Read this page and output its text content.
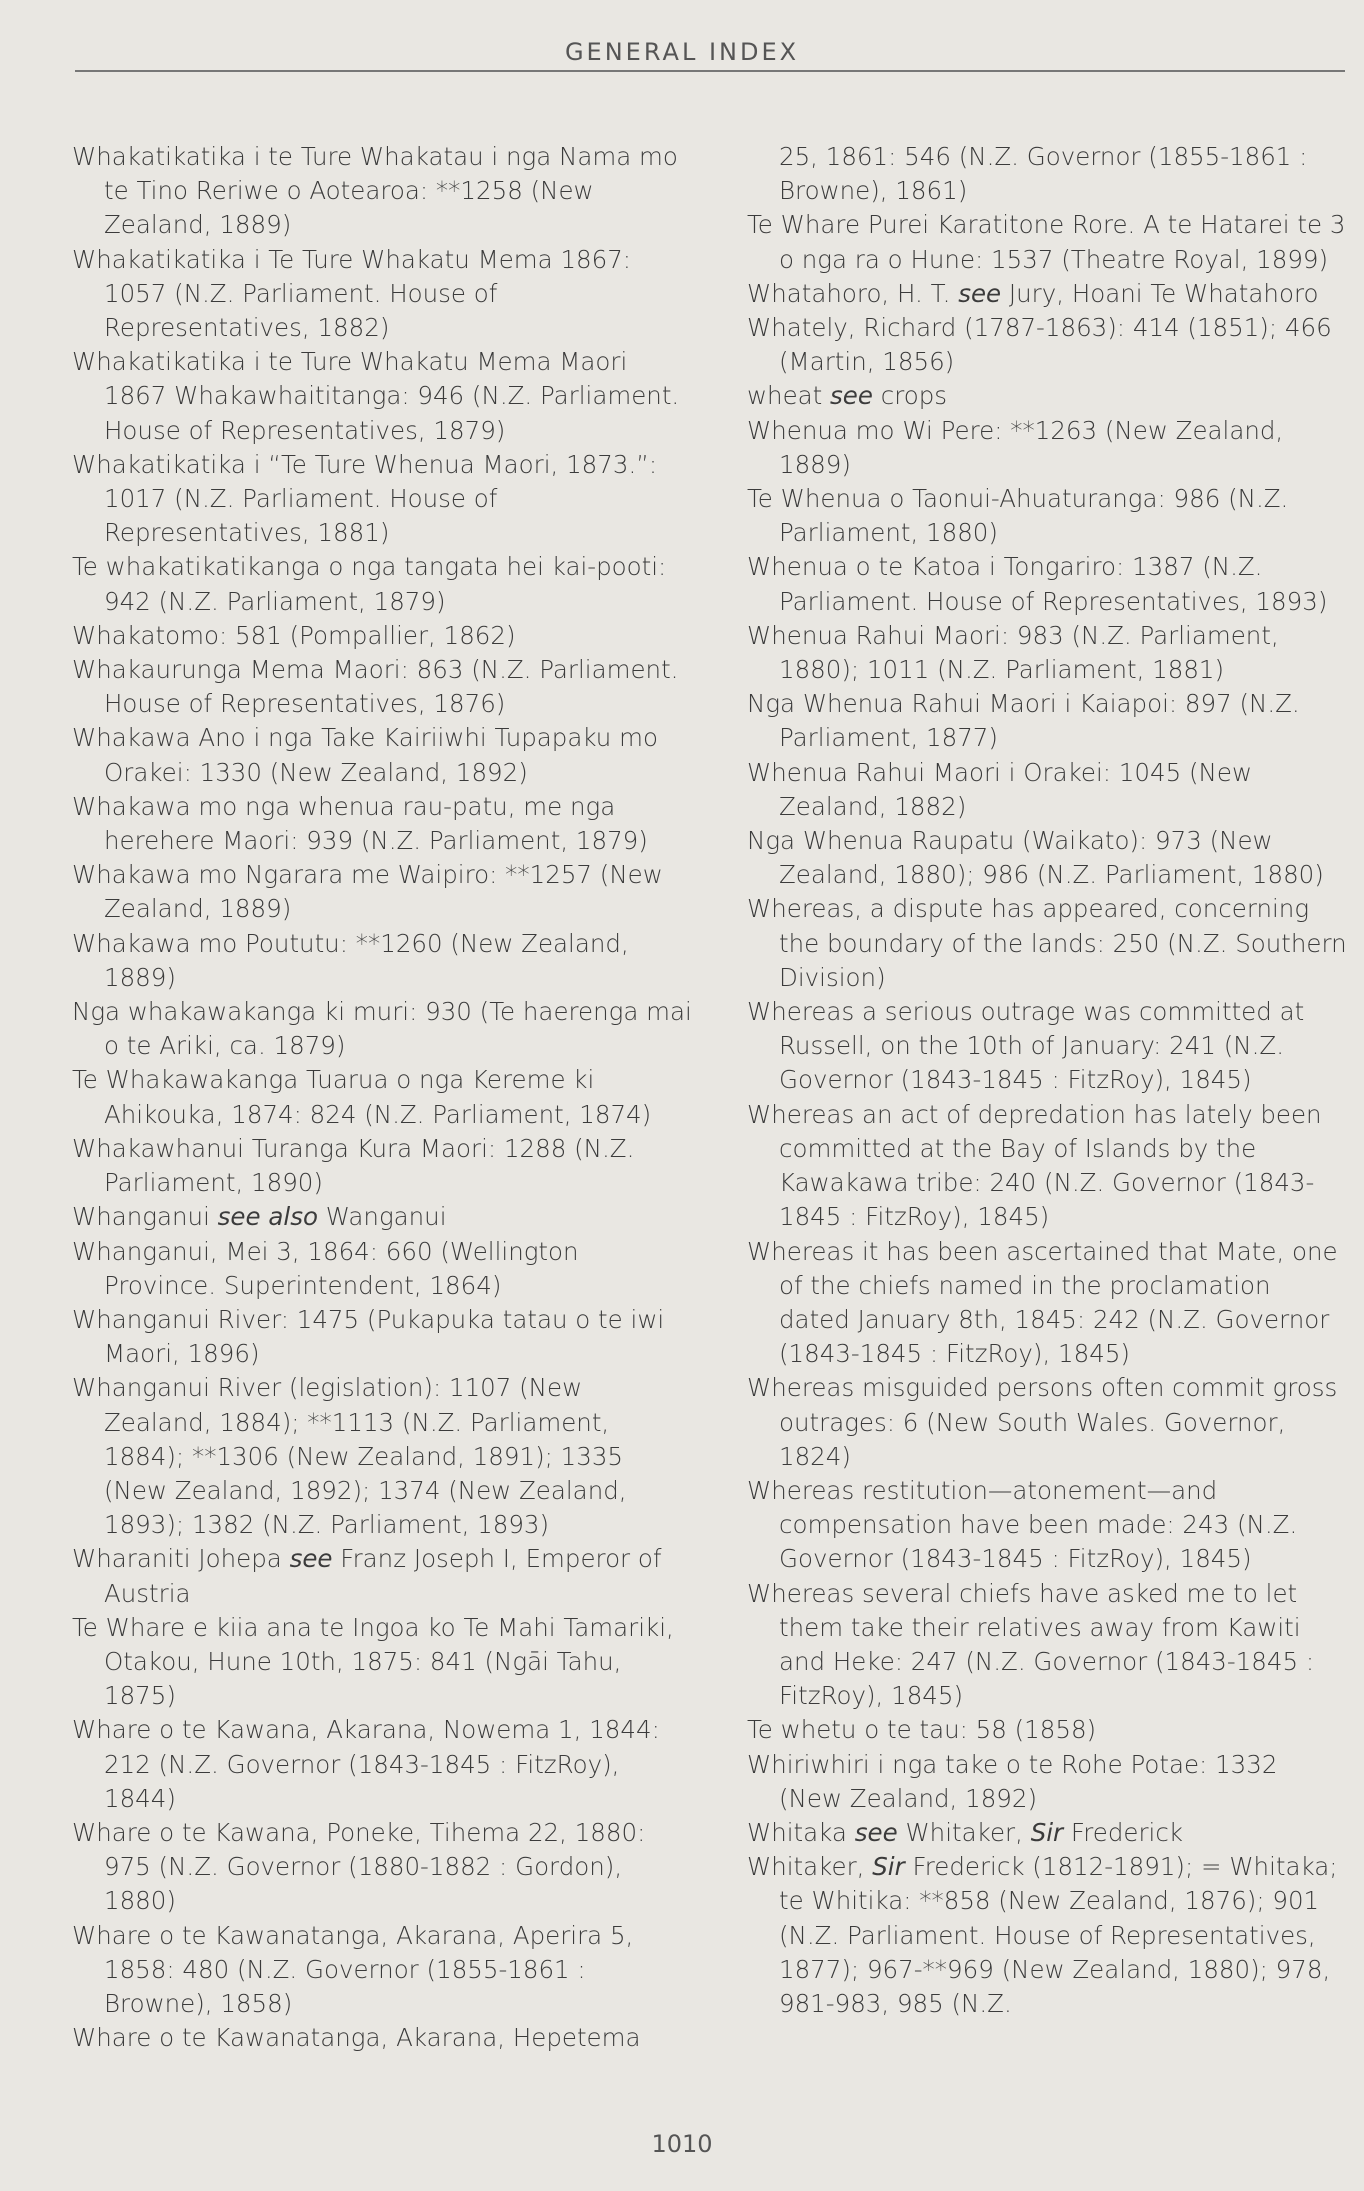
GENERAL INDEX

Whakatikatika i te Ture Whakatau i nga Nama mo te Tino Reriwe o Aotearoa: **1258 (New Zealand, 1889)

Whakatikatika i Te Ture Whakatu Mema 1867: 1057 (N.Z. Parliament. House of Representatives, 1882)

Whakatikatika i te Ture Whakatu Mema Maori 1867 Whakawhaititanga: 946 (N.Z. Parliament. House of Representatives, 1879)

Whakatikatika i “Te Ture Whenua Maori, 1873.”: 1017 (N.Z. Parliament. House of Representatives, 1881)

Te whakatikatikanga o nga tangata hei kai-pooti: 942 (N.Z. Parliament, 1879)

Whakatomo: 581 (Pompallier, 1862)

Whakaurunga Mema Maori: 863 (N.Z. Parliament. House of Representatives, 1876)

Whakawa Ano i nga Take Kairiiwhi Tupapaku mo Orakei: 1330 (New Zealand, 1892)

Whakawa mo nga whenua rau-patu, me nga herehere Maori: 939 (N.Z. Parliament, 1879)

Whakawa mo Ngarara me Waipiro: **1257 (New Zealand, 1889)

Whakawa mo Poututu: **1260 (New Zealand, 1889)

Nga whakawakanga ki muri: 930 (Te haerenga mai o te Ariki, ca. 1879)

Te Whakawakanga Tuarua o nga Kereme ki Ahikouka, 1874: 824 (N.Z. Parliament, 1874)

Whakawhanui Turanga Kura Maori: 1288 (N.Z. Parliament, 1890)

Whanganui see also Wanganui

Whanganui, Mei 3, 1864: 660 (Wellington Province. Superintendent, 1864)

Whanganui River: 1475 (Pukapuka tatau o te iwi Maori, 1896)

Whanganui River (legislation): 1107 (New Zealand, 1884); **1113 (N.Z. Parliament, 1884); **1306 (New Zealand, 1891); 1335 (New Zealand, 1892); 1374 (New Zealand, 1893); 1382 (N.Z. Parliament, 1893)

Wharaniti Johepa see Franz Joseph I, Emperor of Austria

Te Whare e kiia ana te Ingoa ko Te Mahi Tamariki, Otakou, Hune 10th, 1875: 841 (Ngāi Tahu, 1875)

Whare o te Kawana, Akarana, Nowema 1, 1844: 212 (N.Z. Governor (1843-1845 : FitzRoy), 1844)

Whare o te Kawana, Poneke, Tihema 22, 1880: 975 (N.Z. Governor (1880-1882 : Gordon), 1880)

Whare o te Kawanatanga, Akarana, Aperira 5, 1858: 480 (N.Z. Governor (1855-1861 : Browne), 1858)

Whare o te Kawanatanga, Akarana, Hepetema

25, 1861: 546 (N.Z. Governor (1855-1861 : Browne), 1861)

Te Whare Purei Karatitone Rore. A te Hatarei te 3 o nga ra o Hune: 1537 (Theatre Royal, 1899)

Whatahoro, H. T. see Jury, Hoani Te Whatahoro

Whately, Richard (1787-1863): 414 (1851); 466 (Martin, 1856)

wheat see crops

Whenua mo Wi Pere: **1263 (New Zealand, 1889)

Te Whenua o Taonui-Ahuaturanga: 986 (N.Z. Parliament, 1880)

Whenua o te Katoa i Tongariro: 1387 (N.Z. Parliament. House of Representatives, 1893)

Whenua Rahui Maori: 983 (N.Z. Parliament, 1880); 1011 (N.Z. Parliament, 1881)

Nga Whenua Rahui Maori i Kaiapoi: 897 (N.Z. Parliament, 1877)

Whenua Rahui Maori i Orakei: 1045 (New Zealand, 1882)

Nga Whenua Raupatu (Waikato): 973 (New Zealand, 1880); 986 (N.Z. Parliament, 1880)

Whereas, a dispute has appeared, concerning the boundary of the lands: 250 (N.Z. Southern Division)

Whereas a serious outrage was committed at Russell, on the 10th of January: 241 (N.Z. Governor (1843-1845 : FitzRoy), 1845)

Whereas an act of depredation has lately been committed at the Bay of Islands by the Kawakawa tribe: 240 (N.Z. Governor (1843-1845 : FitzRoy), 1845)

Whereas it has been ascertained that Mate, one of the chiefs named in the proclamation dated January 8th, 1845: 242 (N.Z. Governor (1843-1845 : FitzRoy), 1845)

Whereas misguided persons often commit gross outrages: 6 (New South Wales. Governor, 1824)

Whereas restitution—atonement—and compensation have been made: 243 (N.Z. Governor (1843-1845 : FitzRoy), 1845)

Whereas several chiefs have asked me to let them take their relatives away from Kawiti and Heke: 247 (N.Z. Governor (1843-1845 : FitzRoy), 1845)

Te whetu o te tau: 58 (1858)

Whiriwhiri i nga take o te Rohe Potae: 1332 (New Zealand, 1892)

Whitaka see Whitaker, Sir Frederick

Whitaker, Sir Frederick (1812-1891); = Whitaka; te Whitika: **858 (New Zealand, 1876); 901 (N.Z. Parliament. House of Representatives, 1877); 967-**969 (New Zealand, 1880); 978, 981-983, 985 (N.Z.

1010
